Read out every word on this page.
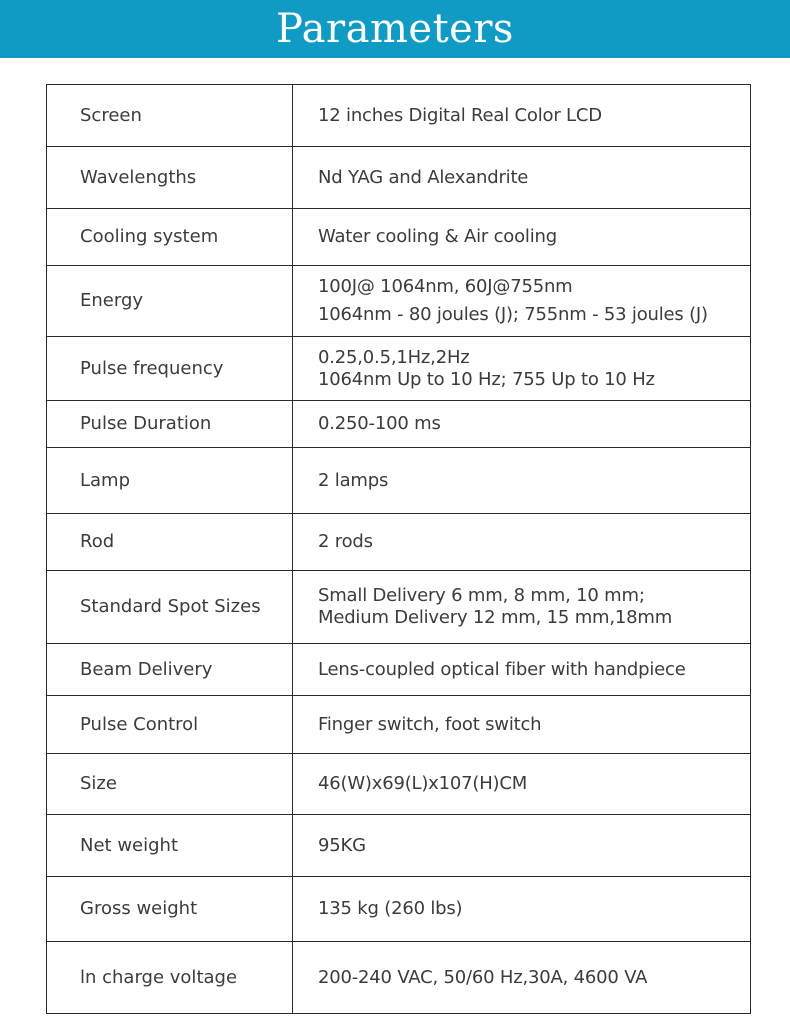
Parameters
Screen	12 inches Digital Real Color LCD

Wavelengths	Nd YAG and Alexandrite

Cooling system	Water cooling & Air cooling

Energy	100J@ 1064nm, 60J@755nm
1064nm - 80 joules (J); 755nm - 53 joules (J)

Pulse frequency	0.25,0.5,1Hz,2Hz
1064nm Up to 10 Hz; 755 Up to 10 Hz

Pulse Duration	0.250-100 ms

Lamp	2 lamps

Rod	2 rods

Standard Spot Sizes	Small Delivery 6 mm, 8 mm, 10 mm;
Medium Delivery 12 mm, 15 mm,18mm

Beam Delivery	Lens-coupled optical fiber with handpiece

Pulse Control	Finger switch, foot switch

Size	46(W)x69(L)x107(H)CM

Net weight	95KG

Gross weight	135 kg (260 lbs)

ln charge voltage	200-240 VAC, 50/60 Hz,30A, 4600 VA
